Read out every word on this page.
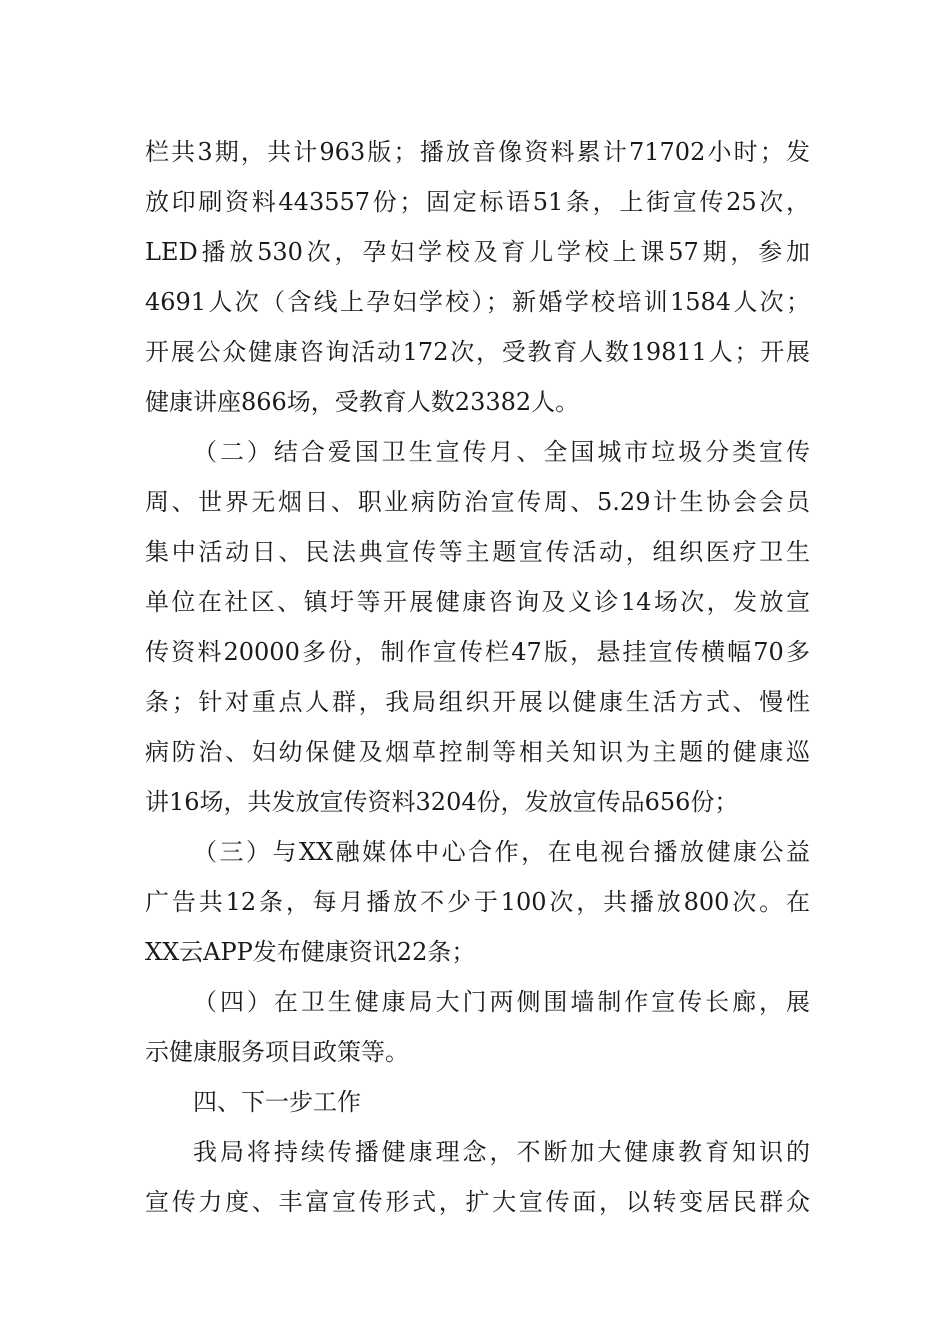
栏共3期，共计963版；播放音像资料累计71702小时；发
放印刷资料443557份；固定标语51条，上街宣传25次，
LED播放530次，孕妇学校及育儿学校上课57期，参加
4691人次（含线上孕妇学校）；新婚学校培训1584人次；
开展公众健康咨询活动172次，受教育人数19811人；开展
健康讲座866场，受教育人数23382人。
（二）结合爱国卫生宣传月、全国城市垃圾分类宣传
周、世界无烟日、职业病防治宣传周、5.29计生协会会员
集中活动日、民法典宣传等主题宣传活动，组织医疗卫生
单位在社区、镇圩等开展健康咨询及义诊14场次，发放宣
传资料20000多份，制作宣传栏47版，悬挂宣传横幅70多
条；针对重点人群，我局组织开展以健康生活方式、慢性
病防治、妇幼保健及烟草控制等相关知识为主题的健康巡
讲16场，共发放宣传资料3204份，发放宣传品656份；
（三）与XX融媒体中心合作，在电视台播放健康公益
广告共12条，每月播放不少于100次，共播放800次。在
XX云APP发布健康资讯22条；
（四）在卫生健康局大门两侧围墙制作宣传长廊，展
示健康服务项目政策等。
四、下一步工作
我局将持续传播健康理念，不断加大健康教育知识的
宣传力度、丰富宣传形式，扩大宣传面，以转变居民群众
